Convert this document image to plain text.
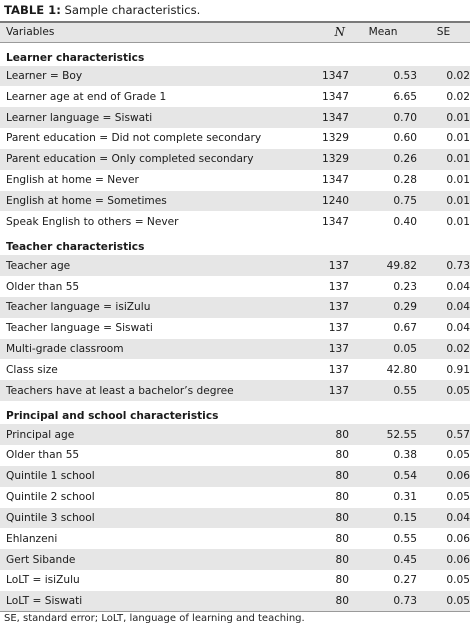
TABLE 1: Sample characteristics.
Variables	N	Mean	SE
Learner characteristics			
Learner = Boy	1347	0.53	0.02
Learner age at end of Grade 1	1347	6.65	0.02
Learner language = Siswati	1347	0.70	0.01
Parent education = Did not complete secondary	1329	0.60	0.01
Parent education = Only completed secondary	1329	0.26	0.01
English at home = Never	1347	0.28	0.01
English at home = Sometimes	1240	0.75	0.01
Speak English to others = Never	1347	0.40	0.01
Teacher characteristics			
Teacher age	137	49.82	0.73
Older than 55	137	0.23	0.04
Teacher language = isiZulu	137	0.29	0.04
Teacher language = Siswati	137	0.67	0.04
Multi-grade classroom	137	0.05	0.02
Class size	137	42.80	0.91
Teachers have at least a bachelor’s degree	137	0.55	0.05
Principal and school characteristics			
Principal age	80	52.55	0.57
Older than 55	80	0.38	0.05
Quintile 1 school	80	0.54	0.06
Quintile 2 school	80	0.31	0.05
Quintile 3 school	80	0.15	0.04
Ehlanzeni	80	0.55	0.06
Gert Sibande	80	0.45	0.06
LoLT = isiZulu	80	0.27	0.05
LoLT = Siswati	80	0.73	0.05
SE, standard error; LoLT, language of learning and teaching.
